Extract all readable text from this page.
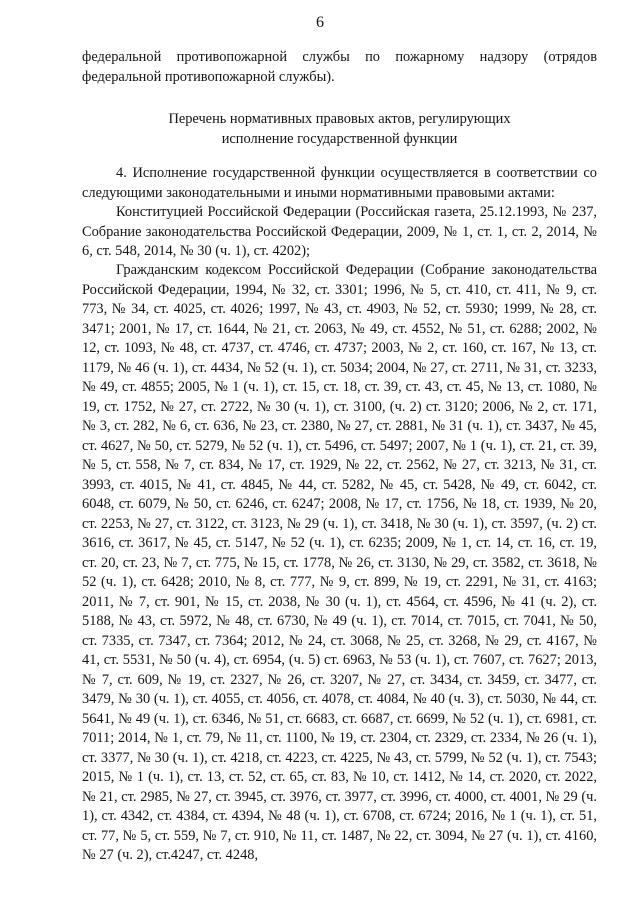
6

федеральной противопожарной службы по пожарному надзору (отрядов федеральной противопожарной службы).

Перечень нормативных правовых актов, регулирующих
исполнение государственной функции

4. Исполнение государственной функции осуществляется в соответствии со следующими законодательными и иными нормативными правовыми актами:

Конституцией Российской Федерации (Российская газета, 25.12.1993, № 237, Собрание законодательства Российской Федерации, 2009, № 1, ст. 1, ст. 2, 2014, № 6, ст. 548, 2014, № 30 (ч. 1), ст. 4202);

Гражданским кодексом Российской Федерации (Собрание законодательства Российской Федерации, 1994, № 32, ст. 3301; 1996, № 5, ст. 410, ст. 411, № 9, ст. 773, № 34, ст. 4025, ст. 4026; 1997, № 43, ст. 4903, № 52, ст. 5930; 1999, № 28, ст. 3471; 2001, № 17, ст. 1644, № 21, ст. 2063, № 49, ст. 4552, № 51, ст. 6288; 2002, № 12, ст. 1093, № 48, ст. 4737, ст. 4746, ст. 4737; 2003, № 2, ст. 160, ст. 167, № 13, ст. 1179, № 46 (ч. 1), ст. 4434, № 52 (ч. 1), ст. 5034; 2004, № 27, ст. 2711, № 31, ст. 3233, № 49, ст. 4855; 2005, № 1 (ч. 1), ст. 15, ст. 18, ст. 39, ст. 43, ст. 45, № 13, ст. 1080, № 19, ст. 1752, № 27, ст. 2722, № 30 (ч. 1), ст. 3100, (ч. 2) ст. 3120; 2006, № 2, ст. 171, № 3, ст. 282, № 6, ст. 636, № 23, ст. 2380, № 27, ст. 2881, № 31 (ч. 1), ст. 3437, № 45, ст. 4627, № 50, ст. 5279, № 52 (ч. 1), ст. 5496, ст. 5497; 2007, № 1 (ч. 1), ст. 21, ст. 39, № 5, ст. 558, № 7, ст. 834, № 17, ст. 1929, № 22, ст. 2562, № 27, ст. 3213, № 31, ст. 3993, ст. 4015, № 41, ст. 4845, № 44, ст. 5282, № 45, ст. 5428, № 49, ст. 6042, ст. 6048, ст. 6079, № 50, ст. 6246, ст. 6247; 2008, № 17, ст. 1756, № 18, ст. 1939, № 20, ст. 2253, № 27, ст. 3122, ст. 3123, № 29 (ч. 1), ст. 3418, № 30 (ч. 1), ст. 3597, (ч. 2) ст. 3616, ст. 3617, № 45, ст. 5147, № 52 (ч. 1), ст. 6235; 2009, № 1, ст. 14, ст. 16, ст. 19, ст. 20, ст. 23, № 7, ст. 775, № 15, ст. 1778, № 26, ст. 3130, № 29, ст. 3582, ст. 3618, № 52 (ч. 1), ст. 6428; 2010, № 8, ст. 777, № 9, ст. 899, № 19, ст. 2291, № 31, ст. 4163; 2011, № 7, ст. 901, № 15, ст. 2038, № 30 (ч. 1), ст. 4564, ст. 4596, № 41 (ч. 2), ст. 5188, № 43, ст. 5972, № 48, ст. 6730, № 49 (ч. 1), ст. 7014, ст. 7015, ст. 7041, № 50, ст. 7335, ст. 7347, ст. 7364; 2012, № 24, ст. 3068, № 25, ст. 3268, № 29, ст. 4167, № 41, ст. 5531, № 50 (ч. 4), ст. 6954, (ч. 5) ст. 6963, № 53 (ч. 1), ст. 7607, ст. 7627; 2013, № 7, ст. 609, № 19, ст. 2327, № 26, ст. 3207, № 27, ст. 3434, ст. 3459, ст. 3477, ст. 3479, № 30 (ч. 1), ст. 4055, ст. 4056, ст. 4078, ст. 4084, № 40 (ч. 3), ст. 5030, № 44, ст. 5641, № 49 (ч. 1), ст. 6346, № 51, ст. 6683, ст. 6687, ст. 6699, № 52 (ч. 1), ст. 6981, ст. 7011; 2014, № 1, ст. 79, № 11, ст. 1100, № 19, ст. 2304, ст. 2329, ст. 2334, № 26 (ч. 1), ст. 3377, № 30 (ч. 1), ст. 4218, ст. 4223, ст. 4225, № 43, ст. 5799, № 52 (ч. 1), ст. 7543; 2015, № 1 (ч. 1), ст. 13, ст. 52, ст. 65, ст. 83, № 10, ст. 1412, № 14, ст. 2020, ст. 2022, № 21, ст. 2985, № 27, ст. 3945, ст. 3976, ст. 3977, ст. 3996, ст. 4000, ст. 4001, № 29 (ч. 1), ст. 4342, ст. 4384, ст. 4394, № 48 (ч. 1), ст. 6708, ст. 6724; 2016, № 1 (ч. 1), ст. 51, ст. 77, № 5, ст. 559, № 7, ст. 910, № 11, ст. 1487, № 22, ст. 3094, № 27 (ч. 1), ст. 4160, № 27 (ч. 2), ст.4247, ст. 4248,
